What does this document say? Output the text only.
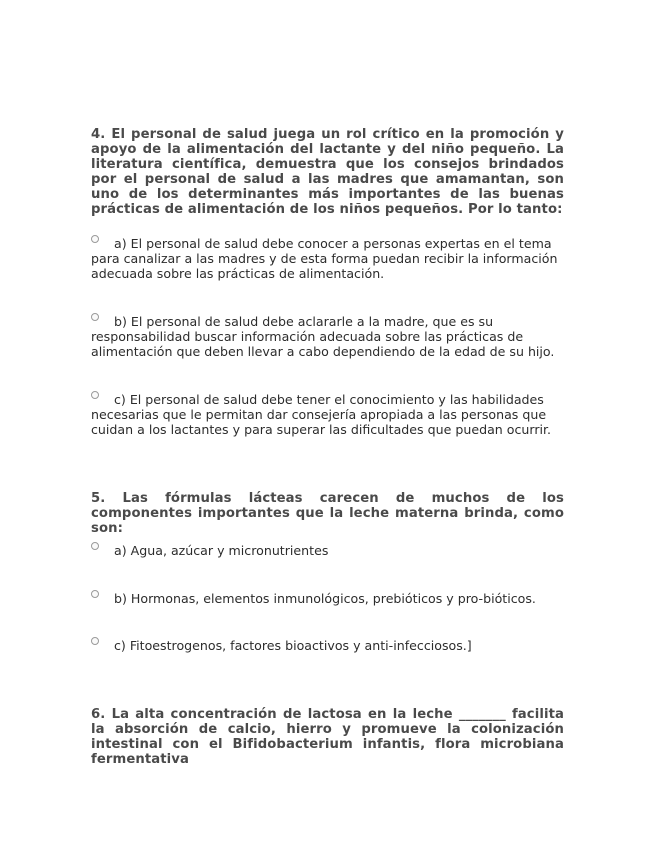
4. El personal de salud juega un rol crítico en la promoción y apoyo de la alimentación del lactante y del niño pequeño. La literatura científica, demuestra que los consejos brindados por el personal de salud a las madres que amamantan, son uno de los determinantes más importantes de las buenas prácticas de alimentación de los niños pequeños. Por lo tanto:
a) El personal de salud debe conocer a personas expertas en el tema para canalizar a las madres y de esta forma puedan recibir la información adecuada sobre las prácticas de alimentación.
b) El personal de salud debe aclararle a la madre, que es su responsabilidad buscar información adecuada sobre las prácticas de alimentación que deben llevar a cabo dependiendo de la edad de su hijo.
c) El personal de salud debe tener el conocimiento y las habilidades necesarias que le permitan dar consejería apropiada a las personas que cuidan a los lactantes y para superar las dificultades que puedan ocurrir.
5. Las fórmulas lácteas carecen de muchos de los componentes importantes que la leche materna brinda, como son:
a) Agua, azúcar y micronutrientes
b) Hormonas, elementos inmunológicos, prebióticos y pro-bióticos.
c) Fitoestrogenos, factores bioactivos y anti-infecciosos.]
6. La alta concentración de lactosa en la leche _______ facilita la absorción de calcio, hierro y promueve la colonización intestinal con el Bifidobacterium infantis, flora microbiana fermentativa
